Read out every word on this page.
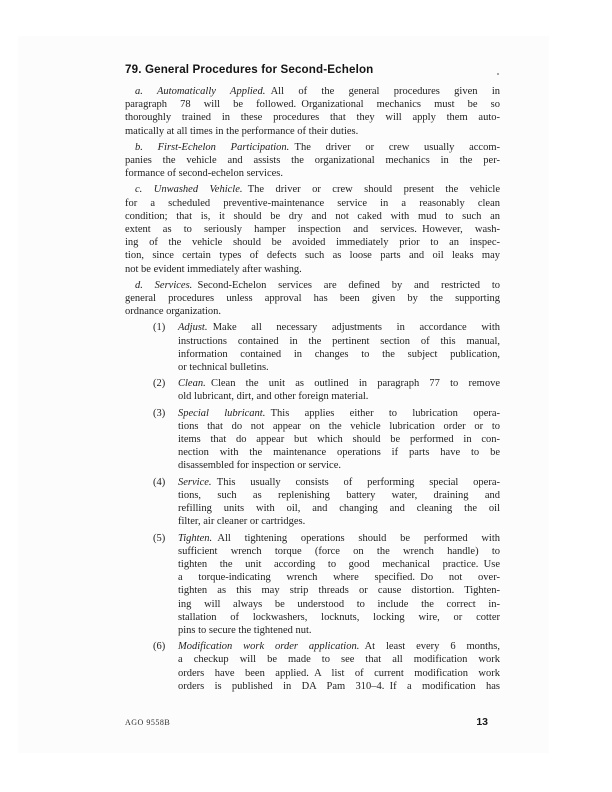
79. General Procedures for Second-Echelon
a. Automatically Applied. All of the general procedures given in
paragraph 78 will be followed. Organizational mechanics must be so
thoroughly trained in these procedures that they will apply them auto-
matically at all times in the performance of their duties.
b. First-Echelon Participation. The driver or crew usually accom-
panies the vehicle and assists the organizational mechanics in the per-
formance of second-echelon services.
c. Unwashed Vehicle. The driver or crew should present the vehicle
for a scheduled preventive-maintenance service in a reasonably clean
condition; that is, it should be dry and not caked with mud to such an
extent as to seriously hamper inspection and services. However, wash-
ing of the vehicle should be avoided immediately prior to an inspec-
tion, since certain types of defects such as loose parts and oil leaks may
not be evident immediately after washing.
d. Services. Second-Echelon services are defined by and restricted to
general procedures unless approval has been given by the supporting
ordnance organization.
(1) Adjust. Make all necessary adjustments in accordance with
instructions contained in the pertinent section of this manual,
information contained in changes to the subject publication,
or technical bulletins.
(2) Clean. Clean the unit as outlined in paragraph 77 to remove
old lubricant, dirt, and other foreign material.
(3) Special lubricant. This applies either to lubrication opera-
tions that do not appear on the vehicle lubrication order or to
items that do appear but which should be performed in con-
nection with the maintenance operations if parts have to be
disassembled for inspection or service.
(4) Service. This usually consists of performing special opera-
tions, such as replenishing battery water, draining and
refilling units with oil, and changing and cleaning the oil
filter, air cleaner or cartridges.
(5) Tighten. All tightening operations should be performed with
sufficient wrench torque (force on the wrench handle) to
tighten the unit according to good mechanical practice. Use
a torque-indicating wrench where specified. Do not over-
tighten as this may strip threads or cause distortion. Tighten-
ing will always be understood to include the correct in-
stallation of lockwashers, locknuts, locking wire, or cotter
pins to secure the tightened nut.
(6) Modification work order application. At least every 6 months,
a checkup will be made to see that all modification work
orders have been applied. A list of current modification work
orders is published in DA Pam 310–4. If a modification has
AGO 9558B	13
